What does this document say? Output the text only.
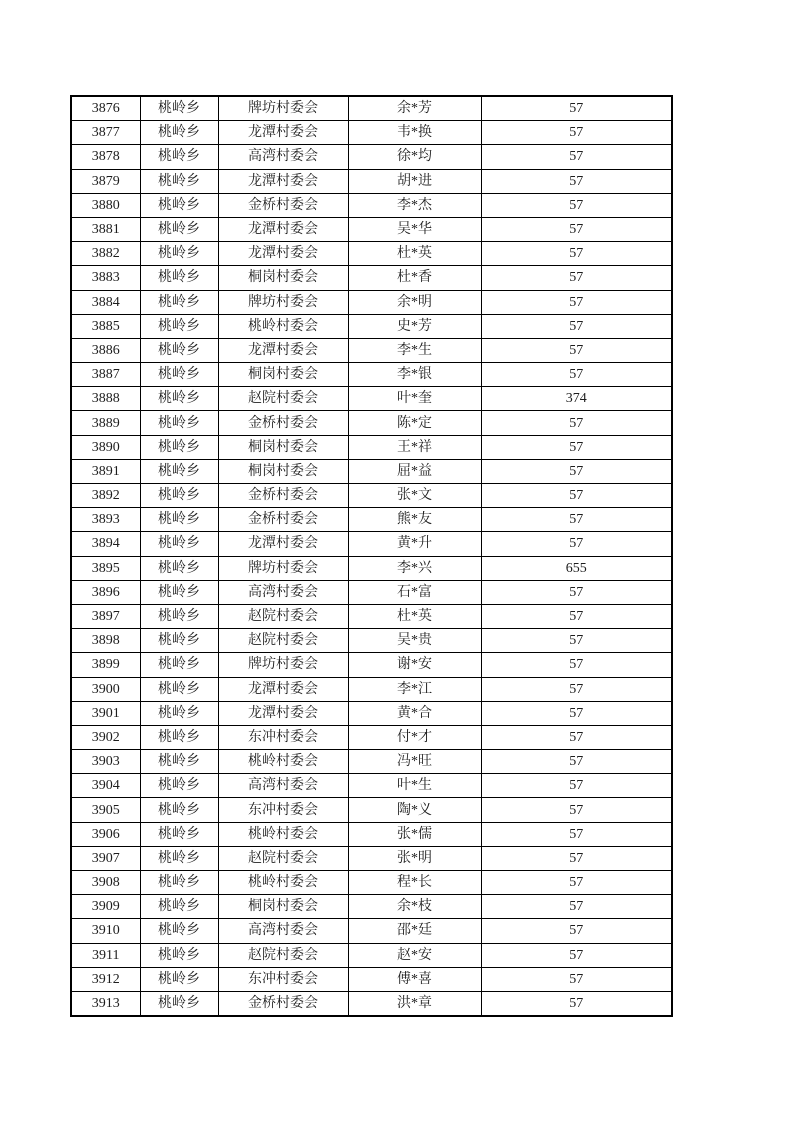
3876	桃岭乡	牌坊村委会	余*芳	57
3877	桃岭乡	龙潭村委会	韦*换	57
3878	桃岭乡	高湾村委会	徐*均	57
3879	桃岭乡	龙潭村委会	胡*进	57
3880	桃岭乡	金桥村委会	李*杰	57
3881	桃岭乡	龙潭村委会	吴*华	57
3882	桃岭乡	龙潭村委会	杜*英	57
3883	桃岭乡	桐岗村委会	杜*香	57
3884	桃岭乡	牌坊村委会	余*明	57
3885	桃岭乡	桃岭村委会	史*芳	57
3886	桃岭乡	龙潭村委会	李*生	57
3887	桃岭乡	桐岗村委会	李*银	57
3888	桃岭乡	赵院村委会	叶*奎	374
3889	桃岭乡	金桥村委会	陈*定	57
3890	桃岭乡	桐岗村委会	王*祥	57
3891	桃岭乡	桐岗村委会	屈*益	57
3892	桃岭乡	金桥村委会	张*文	57
3893	桃岭乡	金桥村委会	熊*友	57
3894	桃岭乡	龙潭村委会	黄*升	57
3895	桃岭乡	牌坊村委会	李*兴	655
3896	桃岭乡	高湾村委会	石*富	57
3897	桃岭乡	赵院村委会	杜*英	57
3898	桃岭乡	赵院村委会	吴*贵	57
3899	桃岭乡	牌坊村委会	谢*安	57
3900	桃岭乡	龙潭村委会	李*江	57
3901	桃岭乡	龙潭村委会	黄*合	57
3902	桃岭乡	东冲村委会	付*才	57
3903	桃岭乡	桃岭村委会	冯*旺	57
3904	桃岭乡	高湾村委会	叶*生	57
3905	桃岭乡	东冲村委会	陶*义	57
3906	桃岭乡	桃岭村委会	张*儒	57
3907	桃岭乡	赵院村委会	张*明	57
3908	桃岭乡	桃岭村委会	程*长	57
3909	桃岭乡	桐岗村委会	余*枝	57
3910	桃岭乡	高湾村委会	邵*廷	57
3911	桃岭乡	赵院村委会	赵*安	57
3912	桃岭乡	东冲村委会	傅*喜	57
3913	桃岭乡	金桥村委会	洪*章	57
